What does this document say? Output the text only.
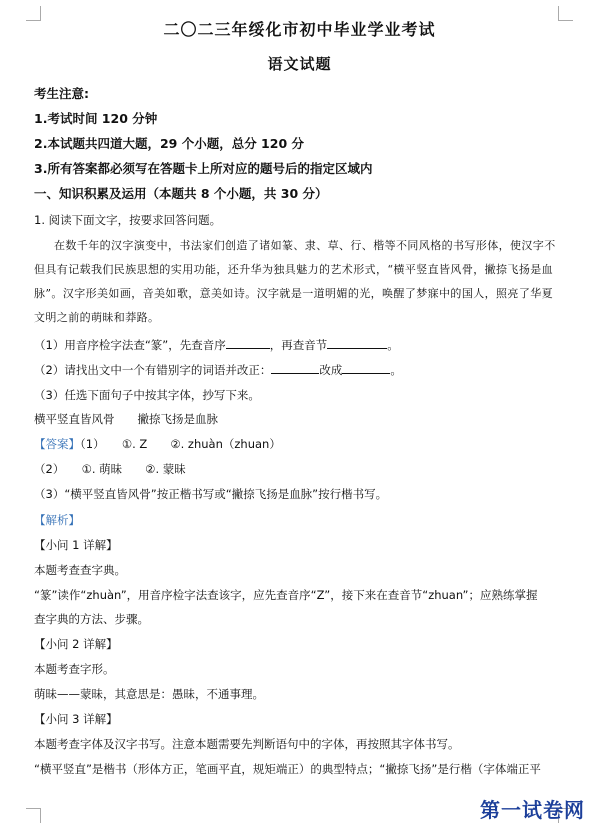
二〇二三年绥化市初中毕业学业考试
语文试题
考生注意:
1.考试时间 120 分钟
2.本试题共四道大题，29 个小题，总分 120 分
3.所有答案都必须写在答题卡上所对应的题号后的指定区域内
一、知识积累及运用（本题共 8 个小题，共 30 分）
1. 阅读下面文字，按要求回答问题。
在数千年的汉字演变中，书法家们创造了诸如篆、隶、草、行、楷等不同风格的书写形体，使汉字不
但具有记载我们民族思想的实用功能，还升华为独具魅力的艺术形式，“横平竖直皆风骨，撇捺飞扬是血
脉”。汉字形美如画，音美如歌，意美如诗。汉字就是一道明媚的光，唤醒了梦寐中的国人，照亮了华夏
文明之前的萌昧和莽路。
（1）用音序检字法查“篆”，先查音序	，再查音节	。
（2）请找出文中一个有错别字的词语并改正：	改成	。
（3）任选下面句子中按其字体，抄写下来。
横平竖直皆风骨　　撇捺飞扬是血脉
【答案】（1）　　①. Z　　②. zhuàn（zhuan）
（2）　　①. 萌昧　　②. 蒙昧
（3）“横平竖直皆风骨”按正楷书写或“撇捺飞扬是血脉”按行楷书写。
【解析】
【小问 1 详解】
本题考查查字典。
“篆”读作“zhuàn”，用音序检字法查该字，应先查音序“Z”，接下来在查音节“zhuan”；应熟练掌握
查字典的方法、步骤。
【小问 2 详解】
本题考查字形。
萌昧——蒙昧，其意思是：愚昧，不通事理。
【小问 3 详解】
本题考查字体及汉字书写。注意本题需要先判断语句中的字体，再按照其字体书写。
“横平竖直”是楷书（形体方正，笔画平直，规矩端正）的典型特点；“撇捺飞扬”是行楷（字体端正平
第一试卷网
